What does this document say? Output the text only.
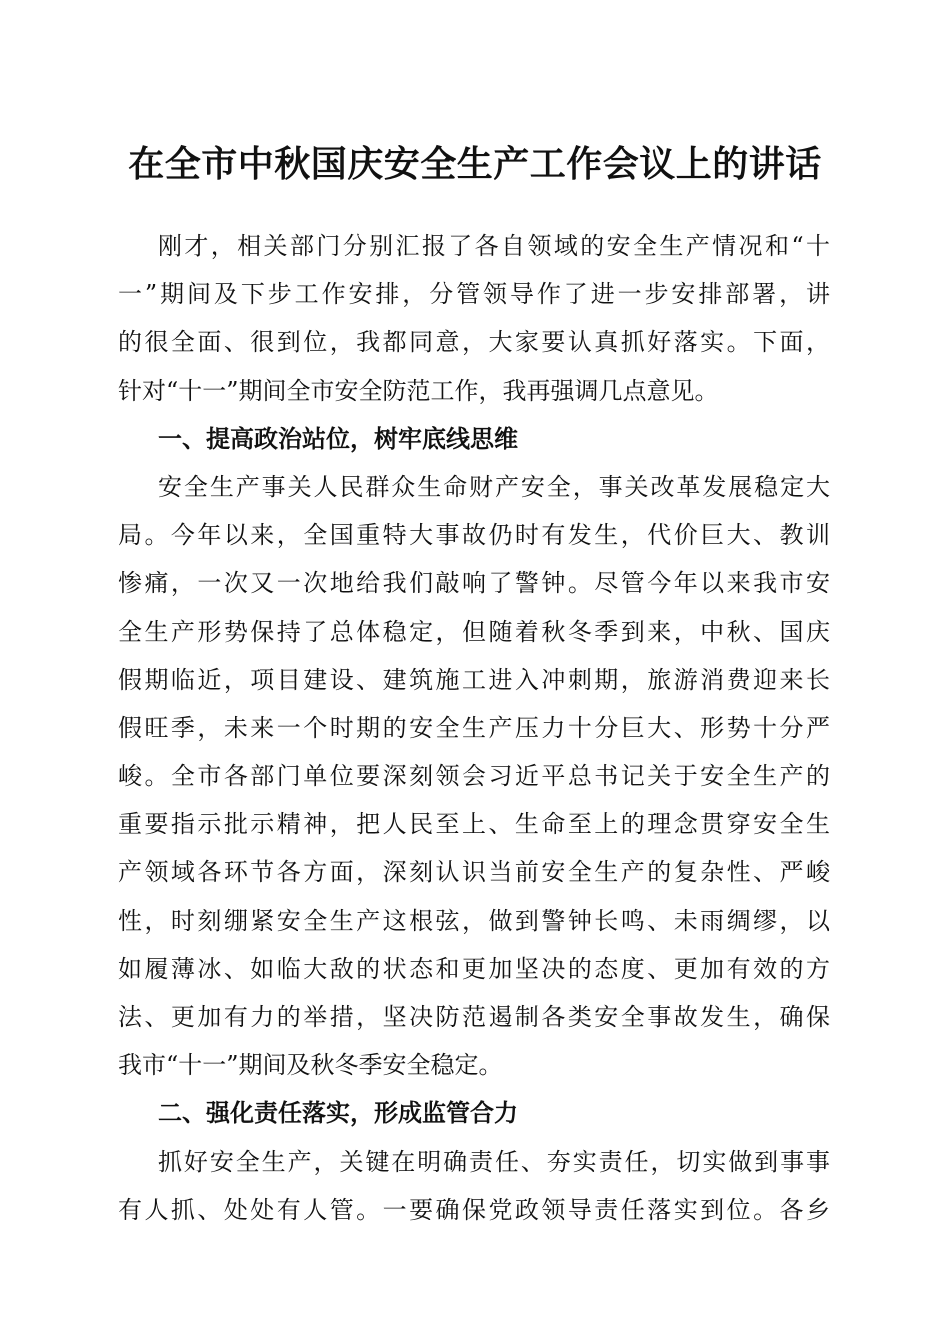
在全市中秋国庆安全生产工作会议上的讲话
刚才，相关部门分别汇报了各自领域的安全生产情况和“十
一”期间及下步工作安排，分管领导作了进一步安排部署，讲
的很全面、很到位，我都同意，大家要认真抓好落实。下面，
针对“十一”期间全市安全防范工作，我再强调几点意见。
一、提高政治站位，树牢底线思维
安全生产事关人民群众生命财产安全，事关改革发展稳定大
局。今年以来，全国重特大事故仍时有发生，代价巨大、教训
惨痛，一次又一次地给我们敲响了警钟。尽管今年以来我市安
全生产形势保持了总体稳定，但随着秋冬季到来，中秋、国庆
假期临近，项目建设、建筑施工进入冲刺期，旅游消费迎来长
假旺季，未来一个时期的安全生产压力十分巨大、形势十分严
峻。全市各部门单位要深刻领会习近平总书记关于安全生产的
重要指示批示精神，把人民至上、生命至上的理念贯穿安全生
产领域各环节各方面，深刻认识当前安全生产的复杂性、严峻
性，时刻绷紧安全生产这根弦，做到警钟长鸣、未雨绸缪，以
如履薄冰、如临大敌的状态和更加坚决的态度、更加有效的方
法、更加有力的举措，坚决防范遏制各类安全事故发生，确保
我市“十一”期间及秋冬季安全稳定。
二、强化责任落实，形成监管合力
抓好安全生产，关键在明确责任、夯实责任，切实做到事事
有人抓、处处有人管。一要确保党政领导责任落实到位。各乡
